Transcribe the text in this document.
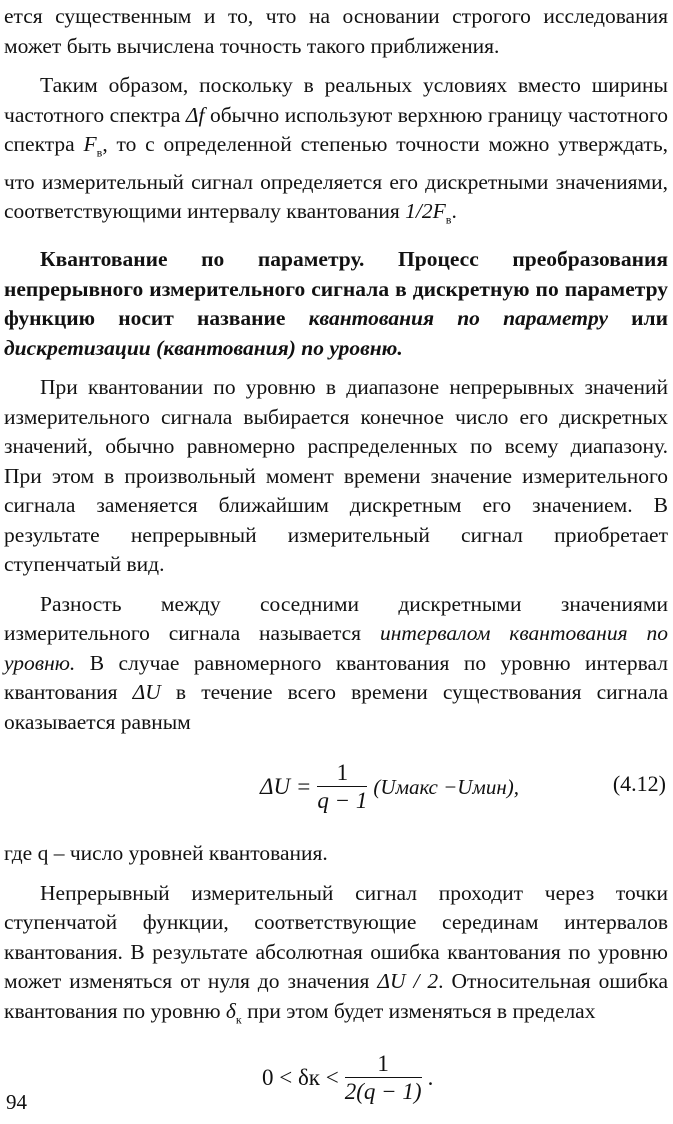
ется существенным и то, что на основании строгого исследования может быть вычислена точность такого приближения.

Таким образом, поскольку в реальных условиях вместо ширины частотного спектра Δf обычно используют верхнюю границу частотного спектра $F_в$, то с определенной степенью точности можно утверждать, что измерительный сигнал определяется его дискретными значениями, соответствующими интервалу квантования $1/2F_в$.

Квантование по параметру. Процесс преобразования непрерывного измерительного сигнала в дискретную по параметру функцию носит название квантования по параметру или дискретизации (квантования) по уровню.

При квантовании по уровню в диапазоне непрерывных значений измерительного сигнала выбирается конечное число его дискретных значений, обычно равномерно распределенных по всему диапазону. При этом в произвольный момент времени значение измерительного сигнала заменяется ближайшим дискретным его значением. В результате непрерывный измерительный сигнал приобретает ступенчатый вид.

Разность между соседними дискретными значениями измерительного сигнала называется интервалом квантования по уровню. В случае равномерного квантования по уровню интервал квантования ΔU в течение всего времени существования сигнала оказывается равным

$\Delta U = \frac{1}{q - 1}$ (Uмакс −Uмин),	(4.12)

где q – число уровней квантования.

Непрерывный измерительный сигнал проходит через точки ступенчатой функции, соответствующие серединам интервалов квантования. В результате абсолютная ошибка квантования по уровню может изменяться от нуля до значения ΔU / 2. Относительная ошибка квантования по уровню $\delta_к$ при этом будет изменяться в пределах

$0 < \delta к < \frac{1}{2(q - 1)}$ .
94
